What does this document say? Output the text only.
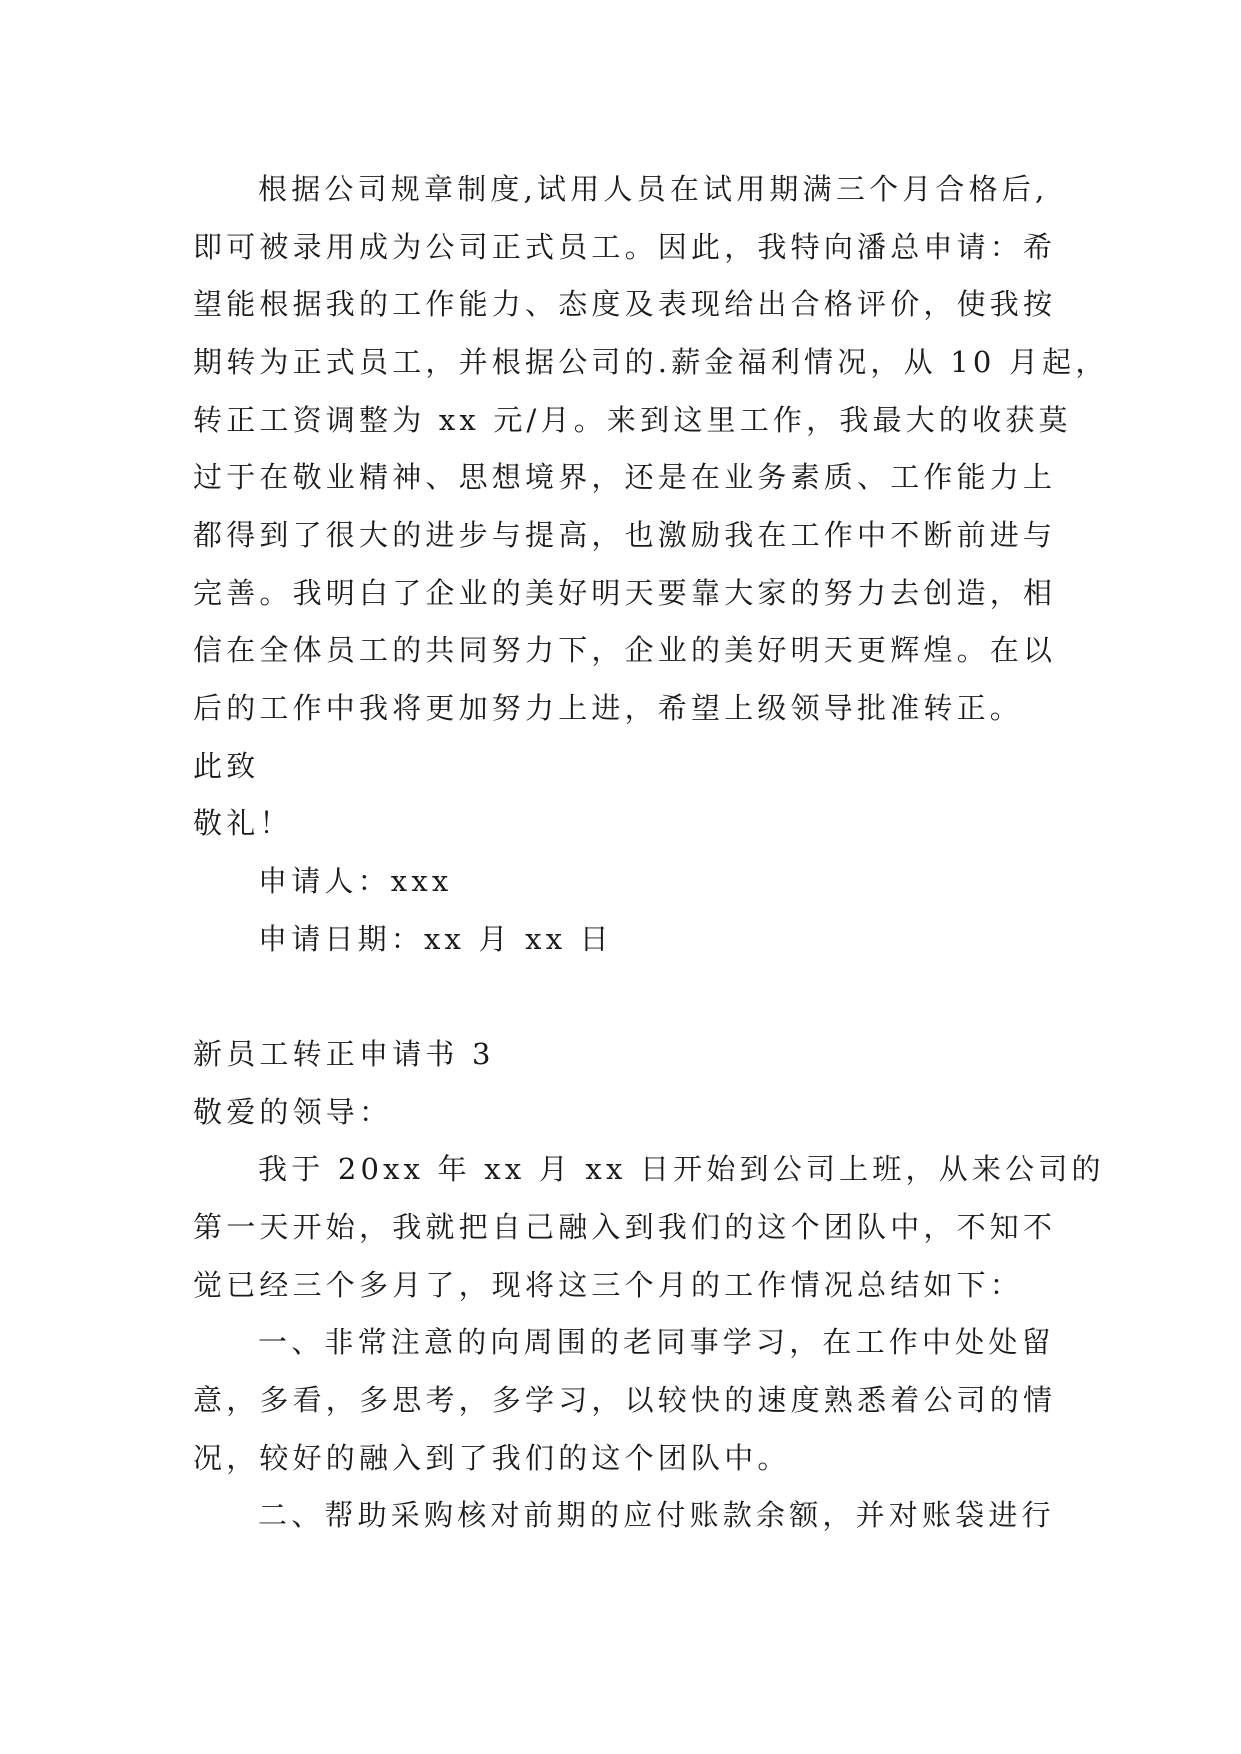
根据公司规章制度,试用人员在试用期满三个月合格后,
即可被录用成为公司正式员工。因此，我特向潘总申请：希
望能根据我的工作能力、态度及表现给出合格评价，使我按
期转为正式员工，并根据公司的.薪金福利情况，从 10 月起，
转正工资调整为 xx 元/月。来到这里工作，我最大的收获莫
过于在敬业精神、思想境界，还是在业务素质、工作能力上
都得到了很大的进步与提高，也激励我在工作中不断前进与
完善。我明白了企业的美好明天要靠大家的努力去创造，相
信在全体员工的共同努力下，企业的美好明天更辉煌。在以
后的工作中我将更加努力上进，希望上级领导批准转正。
此致
敬礼！
申请人：xxx
申请日期：xx 月 xx 日
新员工转正申请书 3
敬爱的领导：
我于 20xx 年 xx 月 xx 日开始到公司上班，从来公司的
第一天开始，我就把自己融入到我们的这个团队中，不知不
觉已经三个多月了，现将这三个月的工作情况总结如下：
一、非常注意的向周围的老同事学习，在工作中处处留
意，多看，多思考，多学习，以较快的速度熟悉着公司的情
况，较好的融入到了我们的这个团队中。
二、帮助采购核对前期的应付账款余额，并对账袋进行
